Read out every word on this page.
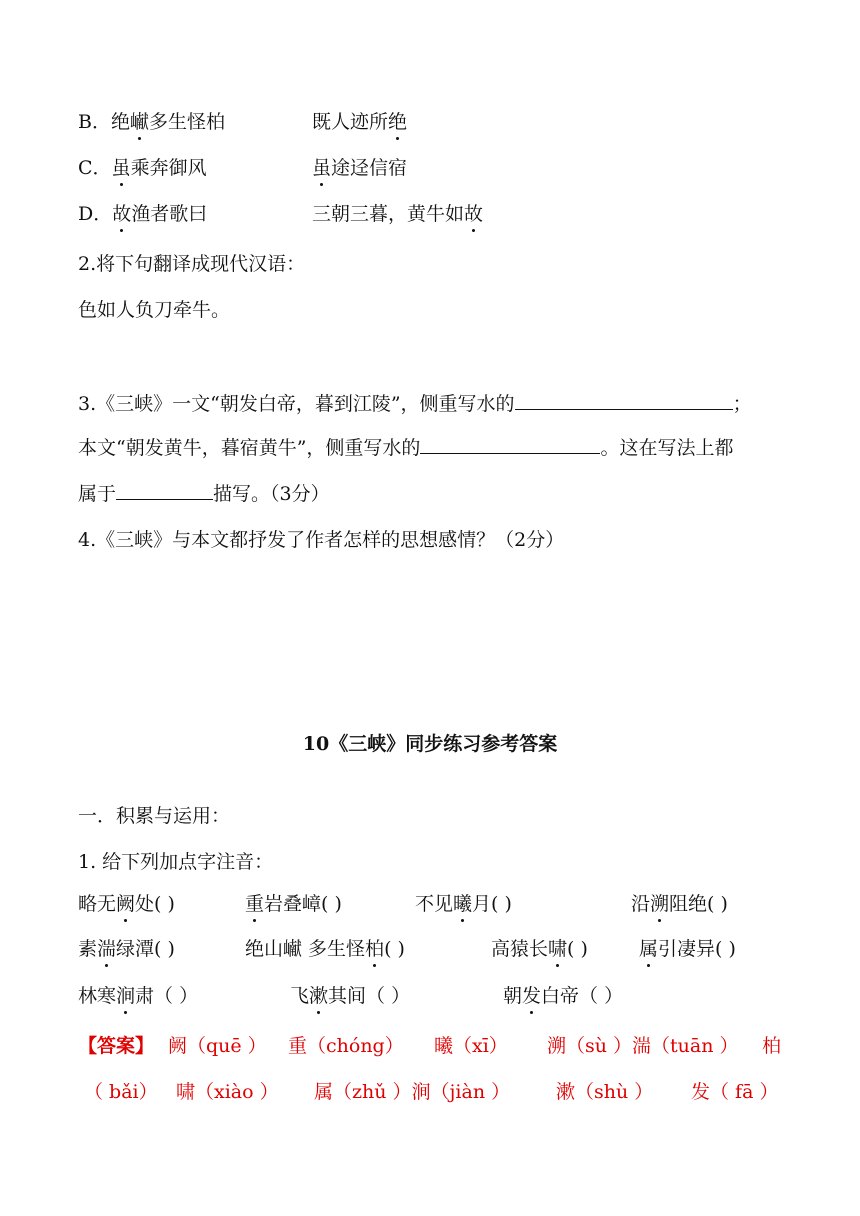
B．绝𪩘多生怪柏	既人迹所绝
C．虽乘奔御风	虽途迳信宿
D．故渔者歌曰	三朝三暮，黄牛如故
2.将下句翻译成现代汉语：
色如人负刀牵牛。
3.《三峡》一文“朝发白帝，暮到江陵”，侧重写水的	；
本文“朝发黄牛，暮宿黄牛”，侧重写水的	。这在写法上都
属于	描写。（3分）
4.《三峡》与本文都抒发了作者怎样的思想感情？（2分）
10《三峡》同步练习参考答案
一．积累与运用：
1. 给下列加点字注音：
略无阙处( )	重岩叠嶂( )	不见曦月( )	沿溯阻绝( )
素湍绿潭( )	绝山𪩘 多生怪柏( )	高猿长啸( )	属引凄异( )
林寒涧肃（ ）	飞漱其间（ ）	朝发白帝（ ）
【答案】 阙（quē ） 重（chóng） 曦（xī） 溯（sù ）湍（tuān ） 柏
（ bǎi） 啸（xiào ） 属（zhǔ ）涧（jiàn ） 漱（shù ） 发（ fā ）
